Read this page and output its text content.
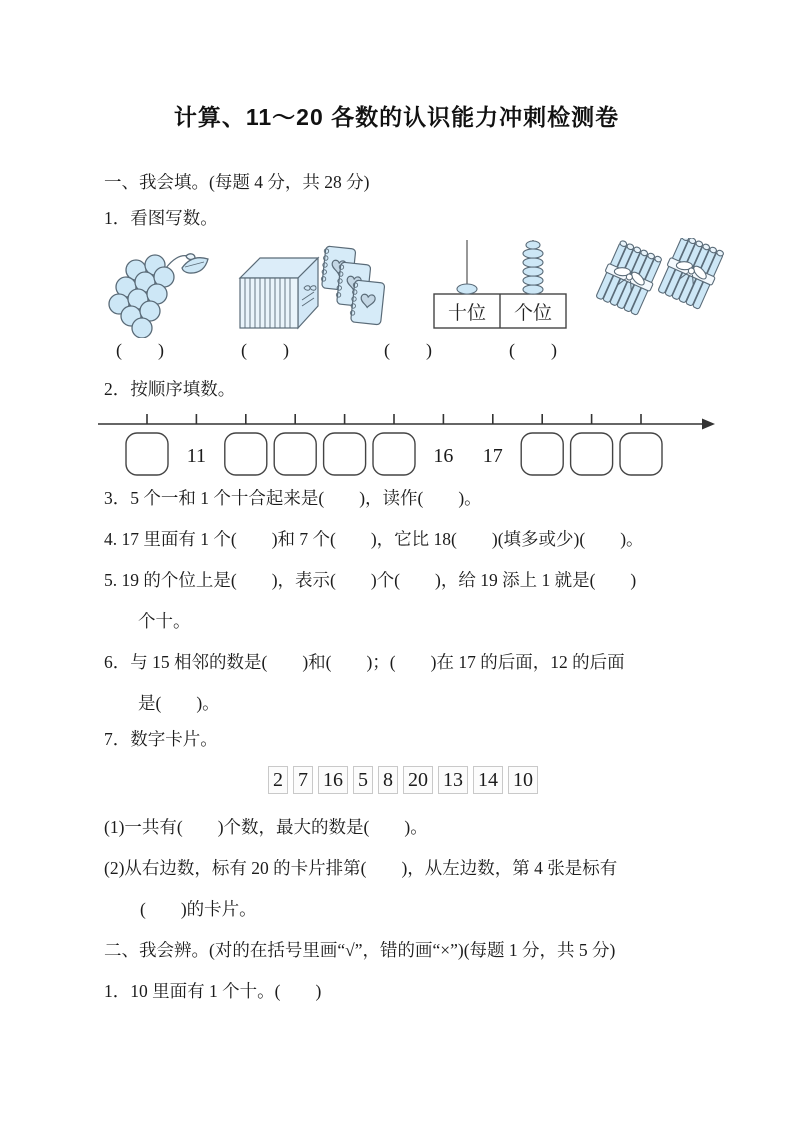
计算、11～20 各数的认识能力冲刺检测卷
一、我会填。(每题 4 分，共 28 分)
1．看图写数。
十位 个位
(　　)	(　　)	(　　)	(　　)
2．按顺序填数。
11	16 17
3．5 个一和 1 个十合起来是(　　)，读作(　　)。
4. 17 里面有 1 个(　　)和 7 个(　　)，它比 18(　　)(填多或少)(　　)。
5. 19 的个位上是(　　)，表示(　　)个(　　)，给 19 添上 1 就是(　　)
个十。
6．与 15 相邻的数是(　　)和(　　)；(　　)在 17 的后面，12 的后面
是(　　)。
7．数字卡片。
2 7 16 5 8 20 13 14 10
(1)一共有(　　)个数，最大的数是(　　)。
(2)从右边数，标有 20 的卡片排第(　　)，从左边数，第 4 张是标有
(　　)的卡片。
二、我会辨。(对的在括号里画“√”，错的画“×”)(每题 1 分，共 5 分)
1．10 里面有 1 个十。(　　)
